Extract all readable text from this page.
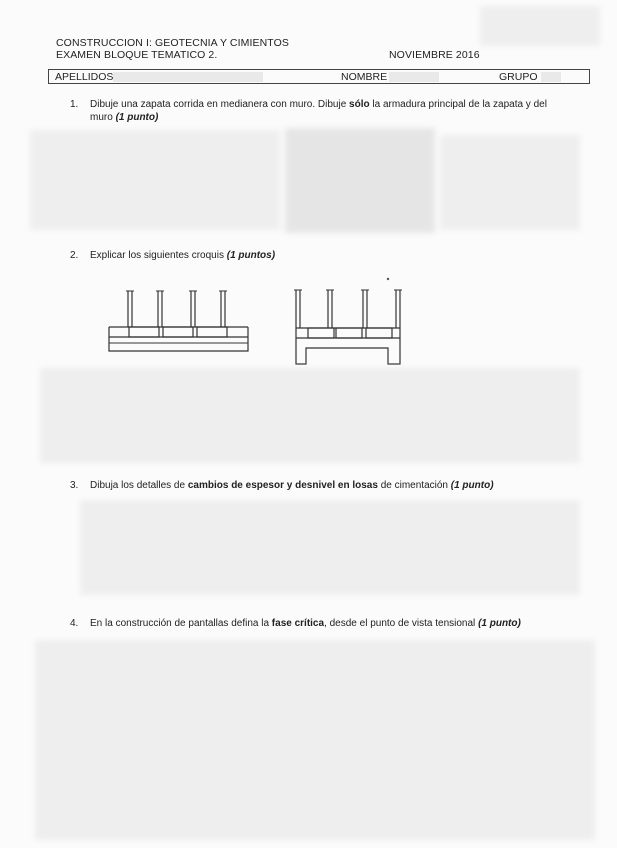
CONSTRUCCION I: GEOTECNIA Y CIMIENTOS
EXAMEN BLOQUE TEMATICO 2.	NOVIEMBRE 2016
APELLIDOS	NOMBRE	GRUPO
1. Dibuje una zapata corrida en medianera con muro. Dibuje sólo la armadura principal de la zapata y del muro (1 punto)
2. Explicar los siguientes croquis (1 puntos)
3. Dibuja los detalles de cambios de espesor y desnivel en losas de cimentación (1 punto)
4. En la construcción de pantallas defina la fase crítica, desde el punto de vista tensional (1 punto)
